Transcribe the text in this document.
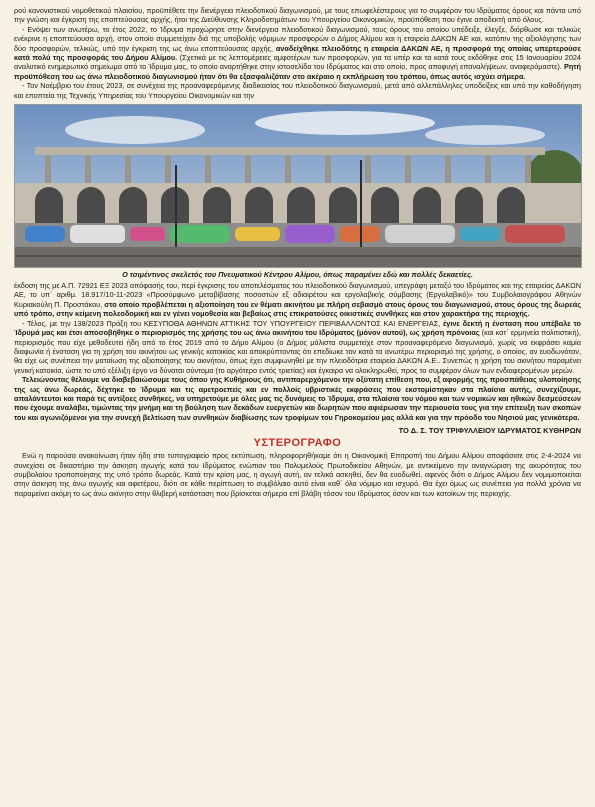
ρού κανονιστικού νομοθετικού πλαισίου, προϋπέθετε την διενέργεια πλειοδοτικού διαγωνισμού, με τους επωφελέστερους για το συμφέρον του Ιδρύματος όρους και πάντα υπό την γνώση και έγκριση της εποπτεύουσας αρχής, ήτοι της Διεύθυνσης Κληροδοτημάτων του Υπουργείου Οικονομικών, προϋπόθεση που έγινε αποδεκτή από όλους.

- Ενόψει των ανωτέρω, το έτος 2022, το Ίδρυμα προχώρησε στην διενέργεια πλειοδοτικού διαγωνισμού, τους όρους του οποίου υπέδειξε, έλεγξε, διόρθωσε και τελικώς ενέκρινε η εποπτεύουσα αρχή, στον οποίο συμμετείχαν διά της υποβολής νόμιμων προσφορών ο Δήμος Αλίμου και η εταιρεία ΔΑΚΩΝ ΑΕ και, κατόπιν της αξιολόγησης των δύο προσφορών, τελικώς, υπό την έγκριση της ως άνω εποπτεύουσας αρχής, αναδείχθηκε πλειοδότης η εταιρεία ΔΑΚΩΝ ΑΕ, η προσφορά της οποίας υπερτερούσε κατά πολύ της προσφοράς του Δήμου Αλίμου. (Σχετικά με τις λεπτομέρειες αμφοτέρων των προσφορών, για τα υπέρ και τα κατά τους εκδόθηκε στις 15 Ιανουαρίου 2024 αναλυτικό ενημερωτικό σημείωμα από το Ίδρυμα μας, το οποίο αναρτήθηκε στην ιστοσελίδα του Ιδρύματος και στο οποίο, προς αποφυγή επαναλήψεων, αναφερόμαστε). Ρητή προϋπόθεση του ως άνω πλειοδοτικού διαγωνισμού ήταν ότι θα εξασφαλιζόταν στο ακέραιο η εκπλήρωση του τρόπου, όπως αυτός ισχύει σήμερα.

- Τον Νοέμβριο του έτους 2023, σε συνέχεια της προαναφερόμενης διαδικασίας του πλειοδοτικού διαγωνισμού, μετά από αλλεπάλληλες υποδείξεις και υπό την καθοδήγηση και εποπτεία της Τεχνικής Υπηρεσίας του Υπουργείου Οικονομικών και την

Ο τσιμέντινος σκελετός του Πνευματικού Κέντρου Αλίμου, όπως παραμένει εδώ και πολλές δεκαετίες.

έκδοση της με Α.Π. 72921 ΕΞ 2023 απόφασής του, περί έγκρισης του αποτελέσματος του πλειοδοτικού διαγωνισμού, υπεγράφη μεταξύ του Ιδρύματος και της εταιρείας ΔΑΚΩΝ ΑΕ, το υπ΄ αριθμ. 18.917/10-11-2023 «Προσύμφωνο μεταβίβασης ποσοστών εξ αδιαιρέτου και εργολαβικής σύμβασης (Εργολαβικό)» του Συμβολαιογράφου Αθηνών Κυριακούλη Π. Προστάκου, στο οποίο προβλέπεται η αξιοποίηση του εν θέματι ακινήτου με πλήρη σεβασμό στους όρους του διαγωνισμού, στους όρους της δωρεάς υπό τρόπο, στην κείμενη πολεοδομική και εν γένει νομοθεσία και βεβαίως στις επικρατούσες οικιστικές συνθήκες και στον χαρακτήρα της περιοχής.

- Τέλος, με την 138/2023 Πράξη του ΚΕΣΥΠΟΘΑ ΑΘΗΝΩΝ ΑΤΤΙΚΗΣ ΤΟΥ ΥΠΟΥΡΓΕΙΟΥ ΠΕΡΙΒΑΛΛΟΝΤΟΣ ΚΑΙ ΕΝΕΡΓΕΙΑΣ, έγινε δεκτή η ένσταση που υπέβαλε το Ίδρυμά μας και έτσι αποσοβήθηκε ο περιορισμός της χρήσης του ως άνω ακινήτου του Ιδρύματος (μόνον αυτού), ως χρήση πρόνοιας (και κατ΄ ερμηνεία πολιτιστική), περιορισμός που είχε μεθοδευτεί ήδη από το έτος 2019 από το Δήμο Αλίμου (ο Δήμος μάλιστα συμμετείχε στον προαναφερόμενο διαγωνισμό, χωρίς να εκφράσει καμία διαφωνία ή ένσταση για τη χρήση του ακινήτου ως γενικής κατοικίας και αποκρύπτοντας ότι επεδίωκε τον κατά τα ανωτέρω περιορισμό της χρήσης, ο οποίος, αν ευοδωνόταν, θα είχε ως συνέπεια την ματαίωση της αξιοποίησης του ακινήτου, όπως έχει συμφωνηθεί με την πλειοδότρια εταιρεία ΔΑΚΩΝ Α.Ε.. Συνεπώς η χρήση του ακινήτου παραμένει γενική κατοικία, ώστε το υπό εξέλιξη έργο να δύναται σύντομα (το αργότερο εντός τριετίας) και έγκαιρα να ολοκληρωθεί, προς το συμφέρον όλων των ενδιαφερομένων μερών.

Τελειώνοντας θέλουμε να διαβεβαιώσουμε τους όπου γης Κυθήριους ότι, αντιπαρερχόμενοι την οξύτατη επίθεση που, εξ αφορμής της προσπάθειας υλοποίησης της ως άνω δωρεάς, δέχτηκε το Ίδρυμα και τις αμετροεπείς και εν πολλοίς υβριστικές εκφράσεις που εκστομίστηκαν στα πλαίσια αυτής, συνεχίζουμε, απαλάντευτοι και παρά τις αντίξοες συνθήκες, να υπηρετούμε με όλες μας τις δυνάμεις το Ίδρυμα, στα πλαίσια του νόμου και των νομικών και ηθικών δεσμεύσεων που έχουμε αναλάβει, τιμώντας την μνήμη και τη βούληση των δεκάδων ευεργετών και δωρητών που αφιέρωσαν την περιουσία τους για την επίτευξη των σκοπών του και αγωνιζόμενοι για την συνεχή βελτίωση των συνθηκών διαβίωσης των τροφίμων του Γηροκομείου μας αλλά και για την πρόοδο του Νησιού μας γενικότερα.

ΤΟ Δ. Σ. ΤΟΥ ΤΡΙΦΥΛΛΕΙΟΥ ΙΔΡΥΜΑΤΟΣ ΚΥΘΗΡΩΝ
ΥΣΤΕΡΟΓΡΑΦΟ

Ενώ η παρούσα ανακοίνωση ήταν ήδη στο τυπογραφείο προς εκτύπωση, πληροφορηθήκαμε ότι η Οικονομική Επιτροπή του Δήμου Αλίμου αποφάσισε στις 2-4-2024 να συνεχίσει σε δικαστήριο την άσκηση αγωγής κατά του Ιδρύματος ενώπιον του Πολυμελούς Πρωτοδικείου Αθηνών, με αντικείμενο την αναγνώριση της ακυρότητας του συμβολαίου τροποποίησης της υπό τρόπο δωρεάς. Κατά την κρίση μας, η αγωγή αυτή, αν τελικά ασκηθεί, δεν θα ευοδωθεί, αφενός διότι ο Δήμος Αλίμου δεν νομιμοποιείται στην άσκηση της άνω αγωγής και αφετέρου, διότι σε κάθε περίπτωση το συμβόλαιο αυτό είναι καθ΄ όλα νόμιμο και ισχυρό. Θα έχει όμως ως συνέπεια για πολλά χρόνια να παραμείνει ακόμη το ως άνω ακίνητο στην θλιβερή κατάσταση που βρίσκεται σήμερα επί βλάβη τόσον του Ιδρύματος όσον και των κατοίκων της περιοχής.
